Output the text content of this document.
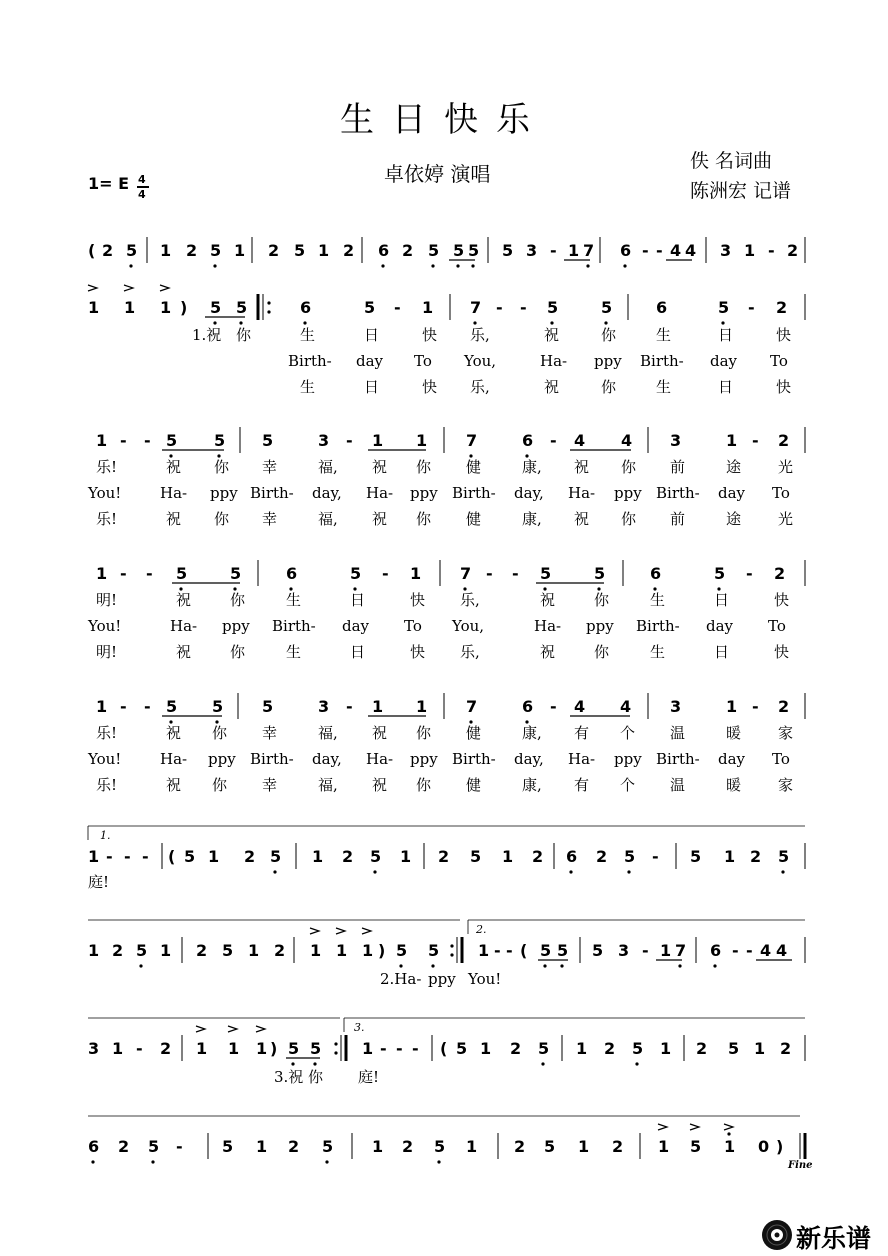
生日快乐
卓依婷 演唱
佚 名词曲
陈洲宏 记谱
1= E 4
4
( 2 5 1 2 5 1 2 5 1 2 6 2 5 5 5 5 3 - 1 7 6 - - 4 4 3 1 - 2
1 1 1 ) 5 5	6	5 - 1 7 - - 5	5	6	5 - 2
1 - - 5 5 5	3 - 1 1 7	6 - 4 4 3	1 - 2
1 - - 5	5	6	5 - 1 7 - - 5	5	6	5 - 2
1 - - 5 5 5	3 - 1 1 7	6 - 4 4 3	1 - 2
1 - - - ( 5 1 2 5 1 2 5 1 2 5 1 2 6 2 5 - 5 1 2 5
1 2 5 1 2 5 1 2 1 1 1 ) 5 5 1 - - ( 5 5 5 3 - 1 7 6 - - 4 4
3 1 - 2 1 1 1 ) 5 5	1 - - - ( 5 1 2 5 1 2 5 1 2 5 1 2
6 2 5 - 5 1 2 5 1 2 5 1 2 5 1 2 1 5 1 0 )
1.祝 你	生	日	快 乐,	祝	你	生	日	快
Birth- day To You,	Ha- ppy Birth- day To
生	日	快 乐,	祝	你	生	日	快
乐!	祝 你 幸	福, 祝 你 健	康, 祝 你 前	途 光
You!	Ha- ppy Birth- day, Ha- ppy Birth- day, Ha- ppy Birth- day To
乐!	祝 你 幸	福, 祝 你 健	康, 祝 你 前	途 光
明!	祝	你	生	日	快 乐,	祝	你	生	日	快
You!	Ha- ppy Birth- day To You,	Ha- ppy Birth- day To
明!	祝	你	生	日	快 乐,	祝	你	生	日	快
乐!	祝 你 幸	福, 祝 你 健	康, 有 个 温	暖 家
You!	Ha- ppy Birth- day, Ha- ppy Birth- day, Ha- ppy Birth- day To
乐!	祝 你 幸	福, 祝 你 健	康, 有 个 温	暖 家
庭!
2.Ha- ppy You!
3.祝 你 庭!
1.
2.
3.
Fine
新乐谱
